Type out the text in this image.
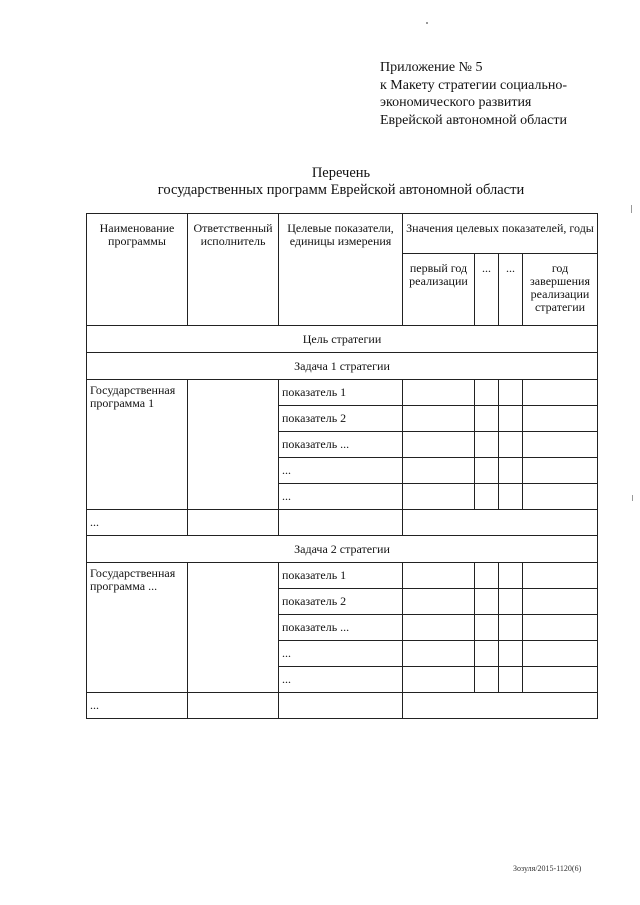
Приложение № 5
к Макету стратегии социально-
экономического развития
Еврейской автономной области
Перечень
государственных программ Еврейской автономной области
Наименование программы	Ответственный исполнитель	Целевые показатели, единицы измерения	Значения целевых показателей, годы			
			первый год реализации	...	...	год завершения реализации стратегии
Цель стратегии						
Задача 1 стратегии						
Государственная программа 1		показатель 1				
		показатель 2				
		показатель ...				
		...				
		...				
...						
Задача 2 стратегии						
Государственная программа ...		показатель 1				
		показатель 2				
		показатель ...				
		...				
		...				
...						
Зозуля/2015-1120(6)
